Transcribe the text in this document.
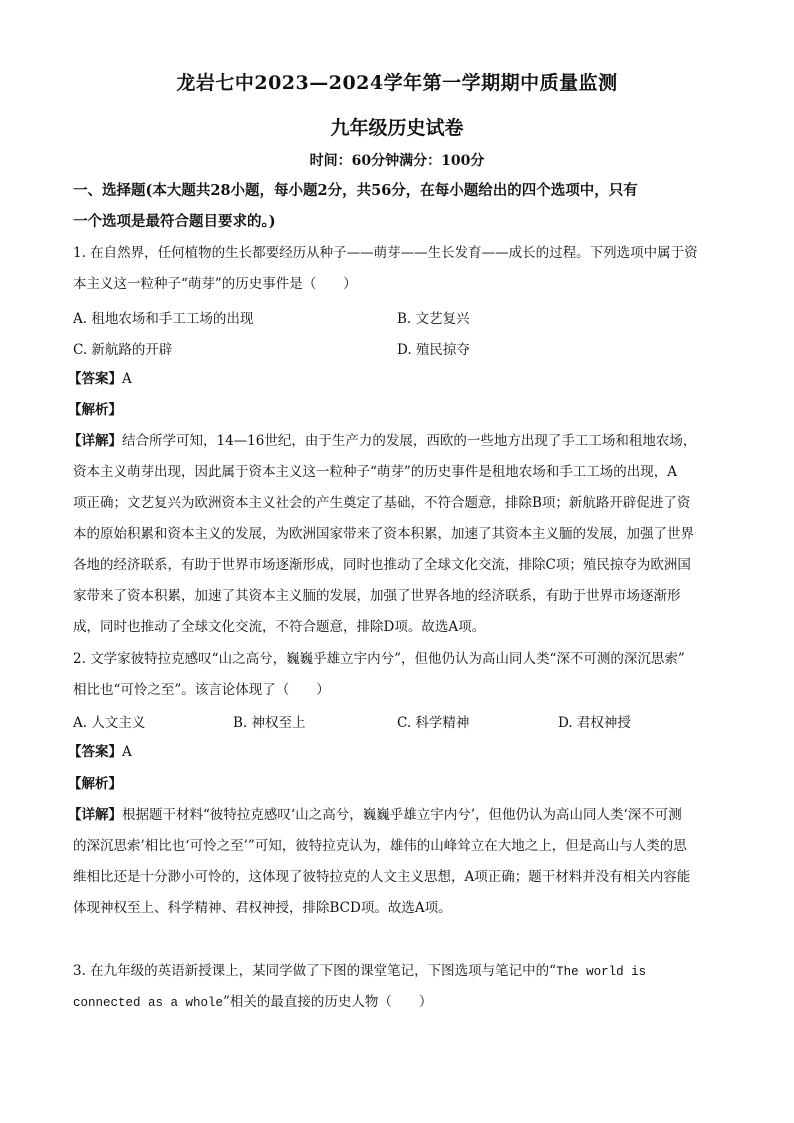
龙岩七中2023—2024学年第一学期期中质量监测
九年级历史试卷
时间：60分钟满分：100分
一、选择题(本大题共28小题，每小题2分，共56分，在每小题给出的四个选项中，只有
一个选项是最符合题目要求的。)
1. 在自然界，任何植物的生长都要经历从种子——萌芽——生长发育——成长的过程。下列选项中属于资
本主义这一粒种子“萌芽”的历史事件是（　　）
A. 租地农场和手工工场的出现	B. 文艺复兴
C. 新航路的开辟	D. 殖民掠夺
【答案】A
【解析】
【详解】结合所学可知，14—16世纪，由于生产力的发展，西欧的一些地方出现了手工工场和租地农场，
资本主义萌芽出现，因此属于资本主义这一粒种子“萌芽”的历史事件是租地农场和手工工场的出现，A
项正确；文艺复兴为欧洲资本主义社会的产生奠定了基础，不符合题意，排除B项；新航路开辟促进了资
本的原始积累和资本主义的发展，为欧洲国家带来了资本积累，加速了其资本主义胹的发展，加强了世界
各地的经济联系，有助于世界市场逐渐形成，同时也推动了全球文化交流，排除C项；殖民掠夺为欧洲国
家带来了资本积累，加速了其资本主义胹的发展，加强了世界各地的经济联系，有助于世界市场逐渐形
成，同时也推动了全球文化交流，不符合题意，排除D项。故选A项。
2. 文学家彼特拉克感叹“山之高兮，巍巍乎雄立宇内兮”，但他仍认为高山同人类“深不可测的深沉思索”
相比也“可怜之至”。该言论体现了（　　）
A. 人文主义	B. 神权至上	C. 科学精神	D. 君权神授
【答案】A
【解析】
【详解】根据题干材料“彼特拉克感叹‘山之高兮，巍巍乎雄立宇内兮’，但他仍认为高山同人类‘深不可测
的深沉思索’相比也‘可怜之至’”可知，彼特拉克认为，雄伟的山峰耸立在大地之上，但是高山与人类的思
维相比还是十分渺小可怜的，这体现了彼特拉克的人文主义思想，A项正确；题干材料并没有相关内容能
体现神权至上、科学精神、君权神授，排除BCD项。故选A项。
3. 在九年级的英语新授课上，某同学做了下图的课堂笔记，下图选项与笔记中的“The world is
connected as a whole”相关的最直接的历史人物（　　）
